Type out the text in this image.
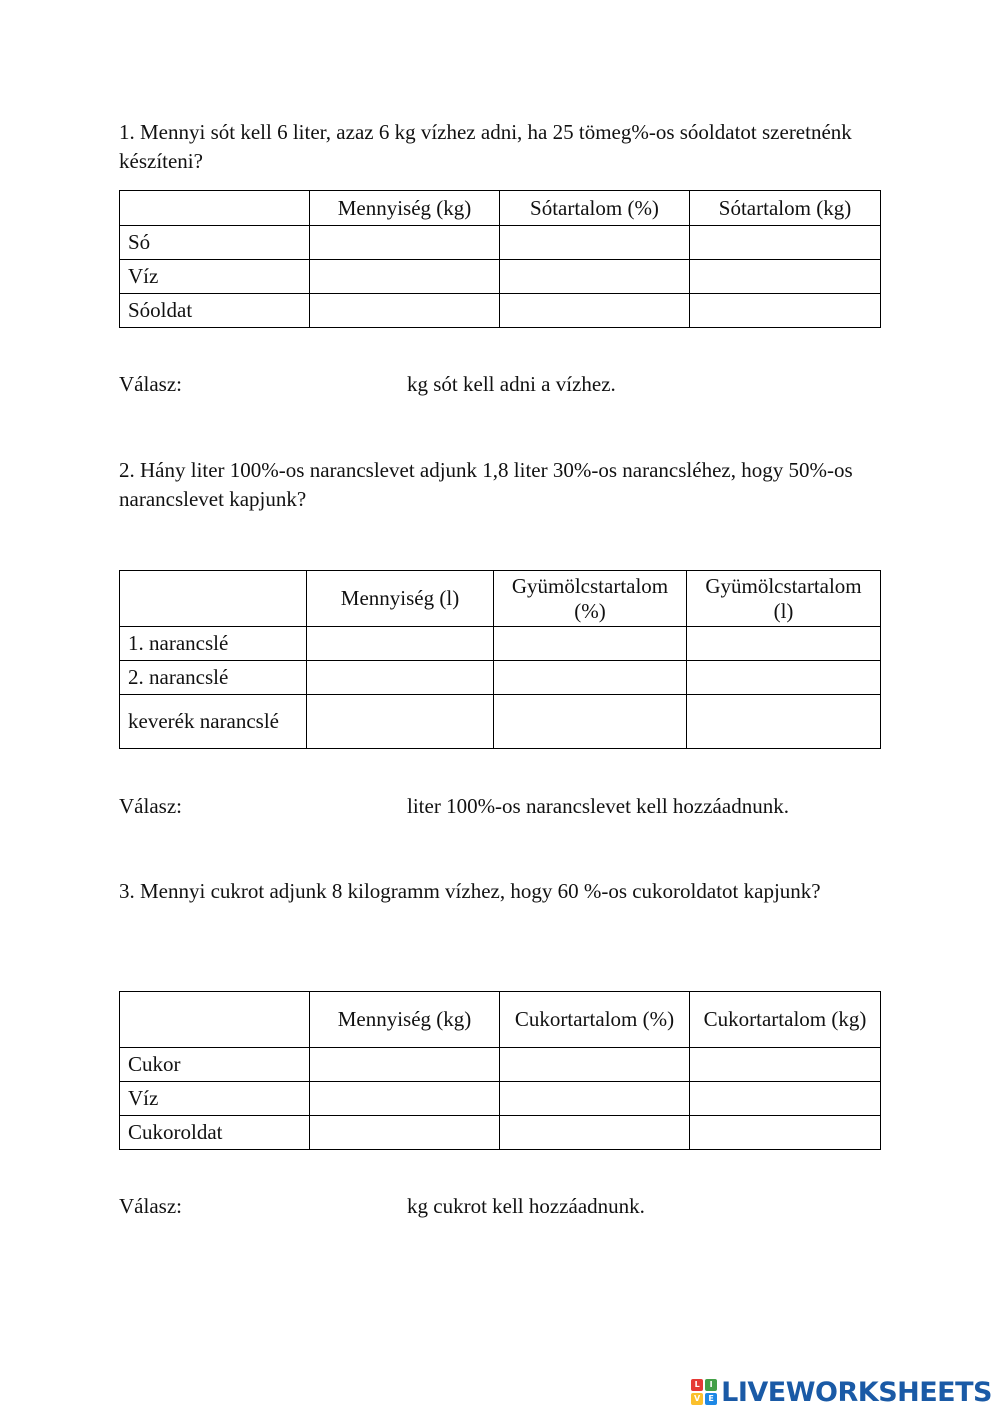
1. Mennyi sót kell 6 liter, azaz 6 kg vízhez adni, ha 25 tömeg%-os sóoldatot szeretnénk készíteni?

	Mennyiség (kg)	Sótartalom (%)	Sótartalom (kg)
Só			
Víz			
Sóoldat			
Válasz:	kg sót kell adni a vízhez.

2. Hány liter 100%-os narancslevet adjunk 1,8 liter 30%-os narancsléhez, hogy 50%-os narancslevet kapjunk?

	Mennyiség (l)	Gyümölcstartalom (%)	Gyümölcstartalom (l)
1. narancslé			
2. narancslé			
keverék narancslé			
Válasz:	liter 100%-os narancslevet kell hozzáadnunk.

3. Mennyi cukrot adjunk 8 kilogramm vízhez, hogy 60 %-os cukoroldatot kapjunk?

	Mennyiség (kg)	Cukortartalom (%)	Cukortartalom (kg)
Cukor			
Víz			
Cukoroldat			
Válasz:	kg cukrot kell hozzáadnunk.
L	I
V	E LIVEWORKSHEETS
